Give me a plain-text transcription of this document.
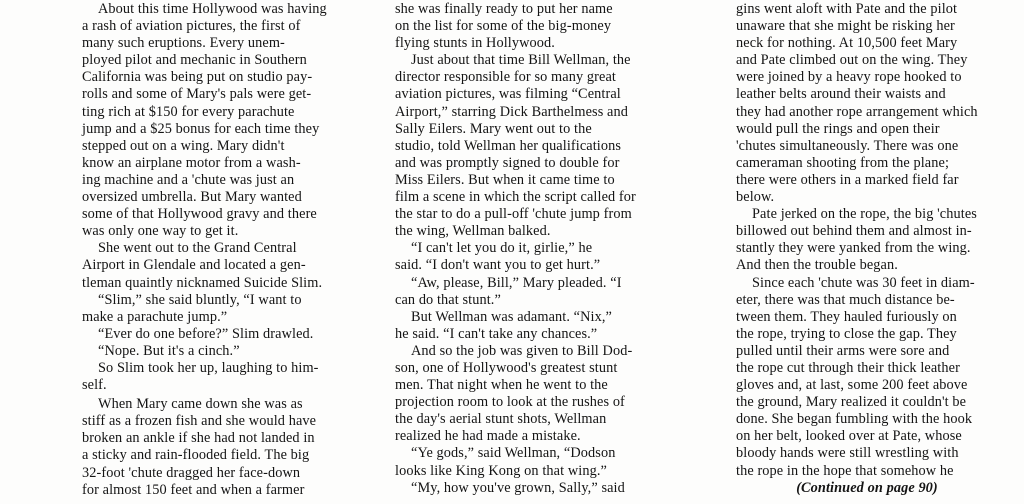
About this time Hollywood was having
a rash of aviation pictures, the first of
many such eruptions. Every unem-
ployed pilot and mechanic in Southern
California was being put on studio pay-
rolls and some of Mary's pals were get-
ting rich at $150 for every parachute
jump and a $25 bonus for each time they
stepped out on a wing. Mary didn't
know an airplane motor from a wash-
ing machine and a 'chute was just an
oversized umbrella. But Mary wanted
some of that Hollywood gravy and there
was only one way to get it.
She went out to the Grand Central
Airport in Glendale and located a gen-
tleman quaintly nicknamed Suicide Slim.
“Slim,” she said bluntly, “I want to
make a parachute jump.”
“Ever do one before?” Slim drawled.
“Nope. But it's a cinch.”
So Slim took her up, laughing to him-
self.
When Mary came down she was as
stiff as a frozen fish and she would have
broken an ankle if she had not landed in
a sticky and rain-flooded field. The big
32-foot 'chute dragged her face-down
for almost 150 feet and when a farmer
she was finally ready to put her name
on the list for some of the big-money
flying stunts in Hollywood.
Just about that time Bill Wellman, the
director responsible for so many great
aviation pictures, was filming “Central
Airport,” starring Dick Barthelmess and
Sally Eilers. Mary went out to the
studio, told Wellman her qualifications
and was promptly signed to double for
Miss Eilers. But when it came time to
film a scene in which the script called for
the star to do a pull-off 'chute jump from
the wing, Wellman balked.
“I can't let you do it, girlie,” he
said. “I don't want you to get hurt.”
“Aw, please, Bill,” Mary pleaded. “I
can do that stunt.”
But Wellman was adamant. “Nix,”
he said. “I can't take any chances.”
And so the job was given to Bill Dod-
son, one of Hollywood's greatest stunt
men. That night when he went to the
projection room to look at the rushes of
the day's aerial stunt shots, Wellman
realized he had made a mistake.
“Ye gods,” said Wellman, “Dodson
looks like King Kong on that wing.”
“My, how you've grown, Sally,” said
gins went aloft with Pate and the pilot
unaware that she might be risking her
neck for nothing. At 10,500 feet Mary
and Pate climbed out on the wing. They
were joined by a heavy rope hooked to
leather belts around their waists and
they had another rope arrangement which
would pull the rings and open their
'chutes simultaneously. There was one
cameraman shooting from the plane;
there were others in a marked field far
below.
Pate jerked on the rope, the big 'chutes
billowed out behind them and almost in-
stantly they were yanked from the wing.
And then the trouble began.
Since each 'chute was 30 feet in diam-
eter, there was that much distance be-
tween them. They hauled furiously on
the rope, trying to close the gap. They
pulled until their arms were sore and
the rope cut through their thick leather
gloves and, at last, some 200 feet above
the ground, Mary realized it couldn't be
done. She began fumbling with the hook
on her belt, looked over at Pate, whose
bloody hands were still wrestling with
the rope in the hope that somehow he
(Continued on page 90)
